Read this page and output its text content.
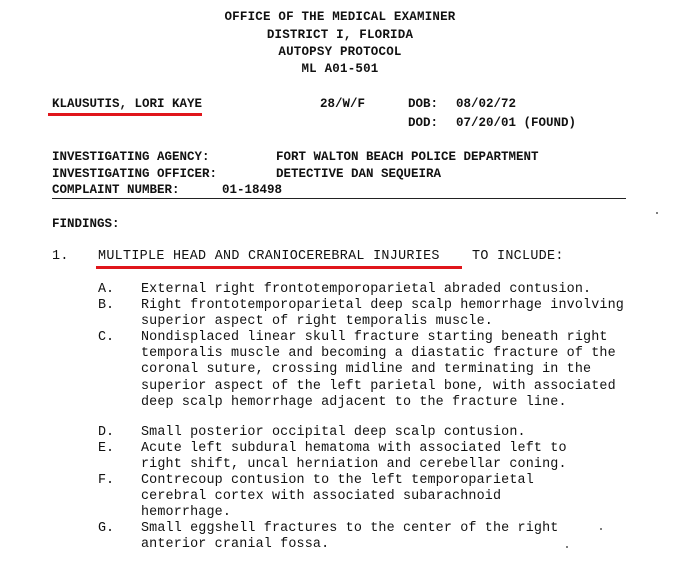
OFFICE OF THE MEDICAL EXAMINER
DISTRICT I, FLORIDA
AUTOPSY PROTOCOL
ML A01-501
KLAUSUTIS, LORI KAYE	28/W/F	DOB: 08/02/72
DOD: 07/20/01 (FOUND)
INVESTIGATING AGENCY:	FORT WALTON BEACH POLICE DEPARTMENT
INVESTIGATING OFFICER:	DETECTIVE DAN SEQUEIRA
COMPLAINT NUMBER:	01-18498
FINDINGS:
1. MULTIPLE HEAD AND CRANIOCEREBRAL INJURIES TO INCLUDE:
A. External right frontotemporoparietal abraded contusion.
B. Right frontotemporoparietal deep scalp hemorrhage involving superior aspect of right temporalis muscle.
C. Nondisplaced linear skull fracture starting beneath right temporalis muscle and becoming a diastatic fracture of the coronal suture, crossing midline and terminating in the superior aspect of the left parietal bone, with associated deep scalp hemorrhage adjacent to the fracture line.
D. Small posterior occipital deep scalp contusion.
E. Acute left subdural hematoma with associated left to right shift, uncal herniation and cerebellar coning.
F. Contrecoup contusion to the left temporoparietal cerebral cortex with associated subarachnoid hemorrhage.
G. Small eggshell fractures to the center of the right anterior cranial fossa.
